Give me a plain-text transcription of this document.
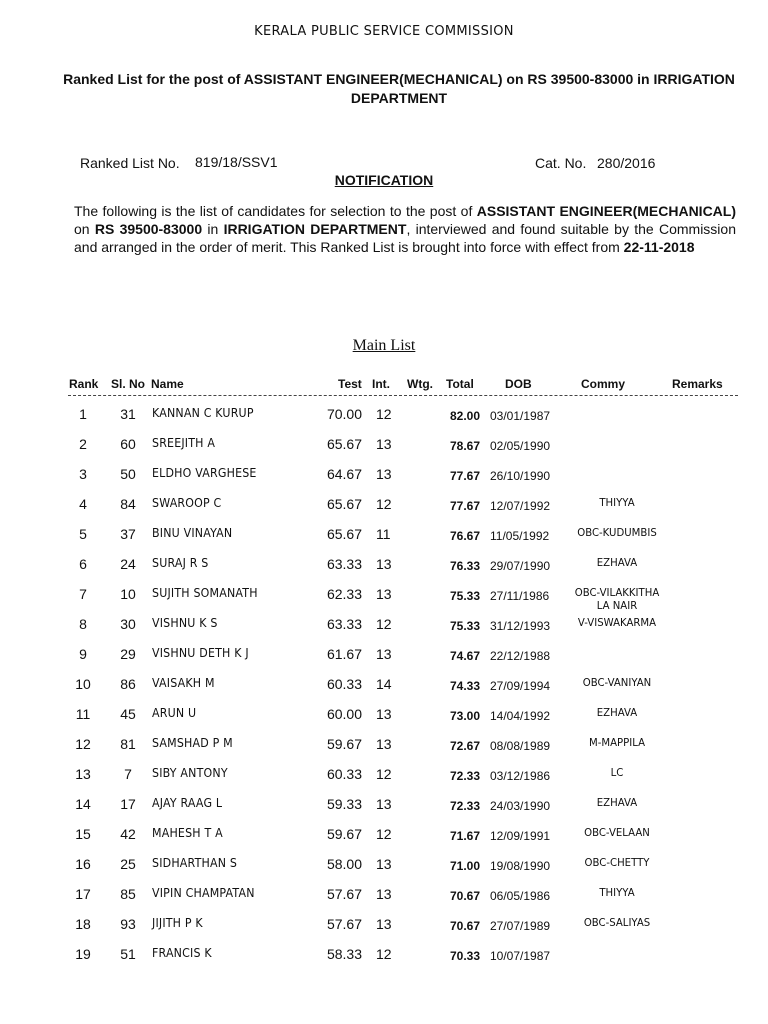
KERALA PUBLIC SERVICE COMMISSION
Ranked List for the post of ASSISTANT ENGINEER(MECHANICAL) on RS 39500-83000 in IRRIGATION DEPARTMENT
Ranked List No. 819/18/SSV1	Cat. No. 280/2016
NOTIFICATION
The following is the list of candidates for selection to the post of ASSISTANT ENGINEER(MECHANICAL) on RS 39500-83000 in IRRIGATION DEPARTMENT, interviewed and found suitable by the Commission and arranged in the order of merit. This Ranked List is brought into force with effect from 22-11-2018
Main List
Rank Sl. No Name	Test Int. Wtg. Total	DOB	Commy	Remarks
1	31	KANNAN C KURUP	70.00 12	82.00 03/01/1987
2	60	SREEJITH A	65.67 13	78.67 02/05/1990
3	50	ELDHO VARGHESE	64.67 13	77.67 26/10/1990
4	84	SWAROOP C	65.67 12	77.67 12/07/1992	THIYYA
5	37	BINU VINAYAN	65.67 11	76.67 11/05/1992	OBC-KUDUMBIS
6	24	SURAJ R S	63.33 13	76.33 29/07/1990	EZHAVA
7	10	SUJITH SOMANATH	62.33 13	75.33 27/11/1986	OBC-VILAKKITHA
LA NAIR
8	30	VISHNU K S	63.33 12	75.33 31/12/1993	V-VISWAKARMA
9	29	VISHNU DETH K J	61.67 13	74.67 22/12/1988
10	86	VAISAKH M	60.33 14	74.33 27/09/1994	OBC-VANIYAN
11	45	ARUN U	60.00 13	73.00 14/04/1992	EZHAVA
12	81	SAMSHAD P M	59.67 13	72.67 08/08/1989	M-MAPPILA
13	7	SIBY ANTONY	60.33 12	72.33 03/12/1986	LC
14	17	AJAY RAAG L	59.33 13	72.33 24/03/1990	EZHAVA
15	42	MAHESH T A	59.67 12	71.67 12/09/1991	OBC-VELAAN
16	25	SIDHARTHAN S	58.00 13	71.00 19/08/1990	OBC-CHETTY
17	85	VIPIN CHAMPATAN	57.67 13	70.67 06/05/1986	THIYYA
18	93	JIJITH P K	57.67 13	70.67 27/07/1989	OBC-SALIYAS
19	51	FRANCIS K	58.33 12	70.33 10/07/1987
